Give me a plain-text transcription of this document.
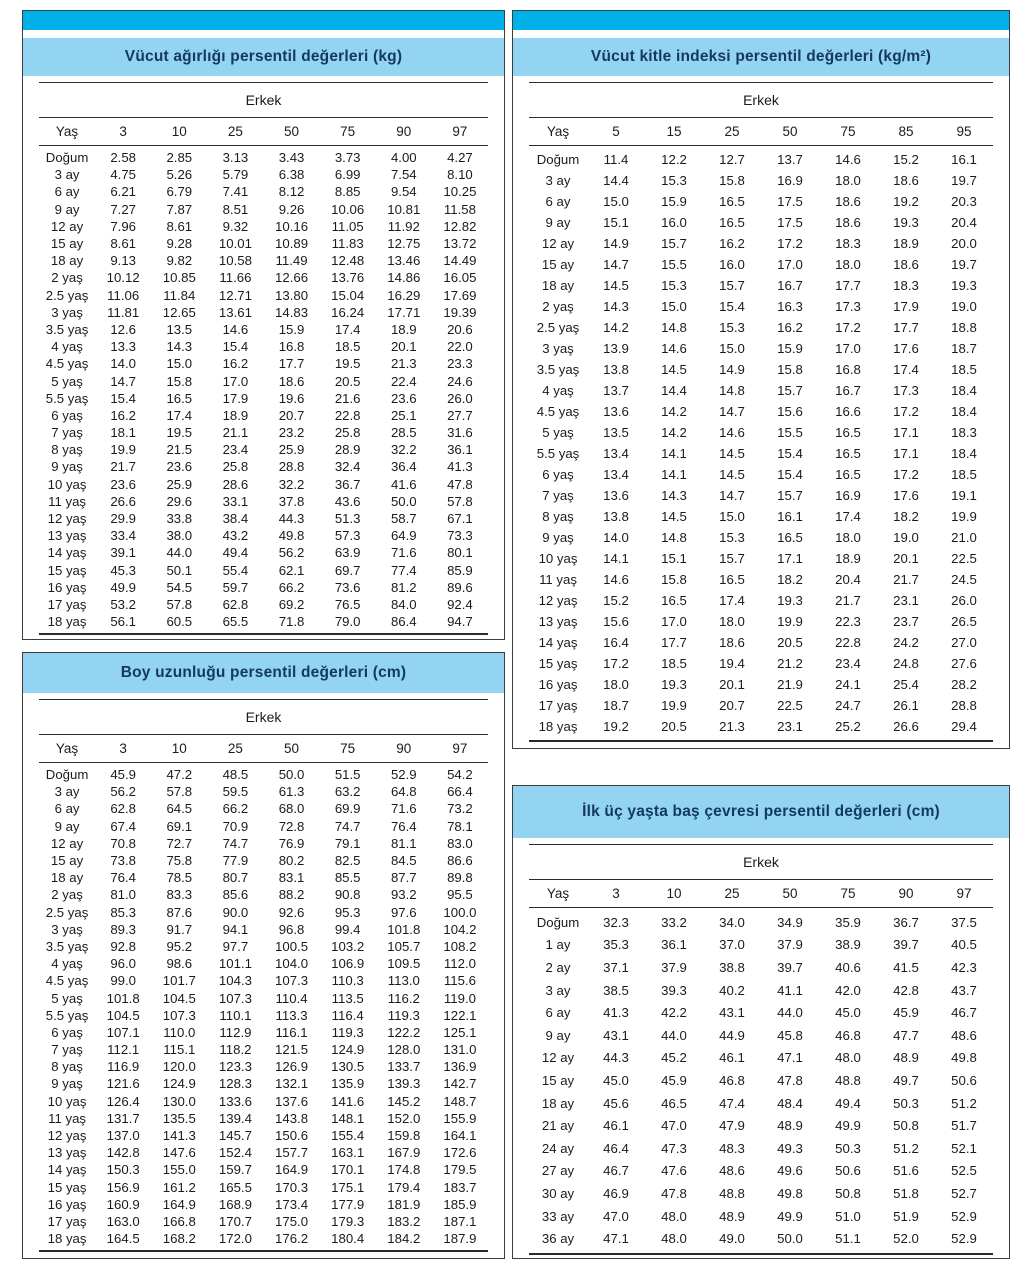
Vücut ağırlığı persentil değerleri (kg)
Erkek							
Yaş	3	10	25	50	75	90	97
Doğum	2.58	2.85	3.13	3.43	3.73	4.00	4.27
3 ay	4.75	5.26	5.79	6.38	6.99	7.54	8.10
6 ay	6.21	6.79	7.41	8.12	8.85	9.54	10.25
9 ay	7.27	7.87	8.51	9.26	10.06	10.81	11.58
12 ay	7.96	8.61	9.32	10.16	11.05	11.92	12.82
15 ay	8.61	9.28	10.01	10.89	11.83	12.75	13.72
18 ay	9.13	9.82	10.58	11.49	12.48	13.46	14.49
2 yaş	10.12	10.85	11.66	12.66	13.76	14.86	16.05
2.5 yaş	11.06	11.84	12.71	13.80	15.04	16.29	17.69
3 yaş	11.81	12.65	13.61	14.83	16.24	17.71	19.39
3.5 yaş	12.6	13.5	14.6	15.9	17.4	18.9	20.6
4 yaş	13.3	14.3	15.4	16.8	18.5	20.1	22.0
4.5 yaş	14.0	15.0	16.2	17.7	19.5	21.3	23.3
5 yaş	14.7	15.8	17.0	18.6	20.5	22.4	24.6
5.5 yaş	15.4	16.5	17.9	19.6	21.6	23.6	26.0
6 yaş	16.2	17.4	18.9	20.7	22.8	25.1	27.7
7 yaş	18.1	19.5	21.1	23.2	25.8	28.5	31.6
8 yaş	19.9	21.5	23.4	25.9	28.9	32.2	36.1
9 yaş	21.7	23.6	25.8	28.8	32.4	36.4	41.3
10 yaş	23.6	25.9	28.6	32.2	36.7	41.6	47.8
11 yaş	26.6	29.6	33.1	37.8	43.6	50.0	57.8
12 yaş	29.9	33.8	38.4	44.3	51.3	58.7	67.1
13 yaş	33.4	38.0	43.2	49.8	57.3	64.9	73.3
14 yaş	39.1	44.0	49.4	56.2	63.9	71.6	80.1
15 yaş	45.3	50.1	55.4	62.1	69.7	77.4	85.9
16 yaş	49.9	54.5	59.7	66.2	73.6	81.2	89.6
17 yaş	53.2	57.8	62.8	69.2	76.5	84.0	92.4
18 yaş	56.1	60.5	65.5	71.8	79.0	86.4	94.7
Vücut kitle indeksi persentil değerleri (kg/m²)
Erkek							
Yaş	5	15	25	50	75	85	95
Doğum	11.4	12.2	12.7	13.7	14.6	15.2	16.1
3 ay	14.4	15.3	15.8	16.9	18.0	18.6	19.7
6 ay	15.0	15.9	16.5	17.5	18.6	19.2	20.3
9 ay	15.1	16.0	16.5	17.5	18.6	19.3	20.4
12 ay	14.9	15.7	16.2	17.2	18.3	18.9	20.0
15 ay	14.7	15.5	16.0	17.0	18.0	18.6	19.7
18 ay	14.5	15.3	15.7	16.7	17.7	18.3	19.3
2 yaş	14.3	15.0	15.4	16.3	17.3	17.9	19.0
2.5 yaş	14.2	14.8	15.3	16.2	17.2	17.7	18.8
3 yaş	13.9	14.6	15.0	15.9	17.0	17.6	18.7
3.5 yaş	13.8	14.5	14.9	15.8	16.8	17.4	18.5
4 yaş	13.7	14.4	14.8	15.7	16.7	17.3	18.4
4.5 yaş	13.6	14.2	14.7	15.6	16.6	17.2	18.4
5 yaş	13.5	14.2	14.6	15.5	16.5	17.1	18.3
5.5 yaş	13.4	14.1	14.5	15.4	16.5	17.1	18.4
6 yaş	13.4	14.1	14.5	15.4	16.5	17.2	18.5
7 yaş	13.6	14.3	14.7	15.7	16.9	17.6	19.1
8 yaş	13.8	14.5	15.0	16.1	17.4	18.2	19.9
9 yaş	14.0	14.8	15.3	16.5	18.0	19.0	21.0
10 yaş	14.1	15.1	15.7	17.1	18.9	20.1	22.5
11 yaş	14.6	15.8	16.5	18.2	20.4	21.7	24.5
12 yaş	15.2	16.5	17.4	19.3	21.7	23.1	26.0
13 yaş	15.6	17.0	18.0	19.9	22.3	23.7	26.5
14 yaş	16.4	17.7	18.6	20.5	22.8	24.2	27.0
15 yaş	17.2	18.5	19.4	21.2	23.4	24.8	27.6
16 yaş	18.0	19.3	20.1	21.9	24.1	25.4	28.2
17 yaş	18.7	19.9	20.7	22.5	24.7	26.1	28.8
18 yaş	19.2	20.5	21.3	23.1	25.2	26.6	29.4
Boy uzunluğu persentil değerleri (cm)
Erkek							
Yaş	3	10	25	50	75	90	97
Doğum	45.9	47.2	48.5	50.0	51.5	52.9	54.2
3 ay	56.2	57.8	59.5	61.3	63.2	64.8	66.4
6 ay	62.8	64.5	66.2	68.0	69.9	71.6	73.2
9 ay	67.4	69.1	70.9	72.8	74.7	76.4	78.1
12 ay	70.8	72.7	74.7	76.9	79.1	81.1	83.0
15 ay	73.8	75.8	77.9	80.2	82.5	84.5	86.6
18 ay	76.4	78.5	80.7	83.1	85.5	87.7	89.8
2 yaş	81.0	83.3	85.6	88.2	90.8	93.2	95.5
2.5 yaş	85.3	87.6	90.0	92.6	95.3	97.6	100.0
3 yaş	89.3	91.7	94.1	96.8	99.4	101.8	104.2
3.5 yaş	92.8	95.2	97.7	100.5	103.2	105.7	108.2
4 yaş	96.0	98.6	101.1	104.0	106.9	109.5	112.0
4.5 yaş	99.0	101.7	104.3	107.3	110.3	113.0	115.6
5 yaş	101.8	104.5	107.3	110.4	113.5	116.2	119.0
5.5 yaş	104.5	107.3	110.1	113.3	116.4	119.3	122.1
6 yaş	107.1	110.0	112.9	116.1	119.3	122.2	125.1
7 yaş	112.1	115.1	118.2	121.5	124.9	128.0	131.0
8 yaş	116.9	120.0	123.3	126.9	130.5	133.7	136.9
9 yaş	121.6	124.9	128.3	132.1	135.9	139.3	142.7
10 yaş	126.4	130.0	133.6	137.6	141.6	145.2	148.7
11 yaş	131.7	135.5	139.4	143.8	148.1	152.0	155.9
12 yaş	137.0	141.3	145.7	150.6	155.4	159.8	164.1
13 yaş	142.8	147.6	152.4	157.7	163.1	167.9	172.6
14 yaş	150.3	155.0	159.7	164.9	170.1	174.8	179.5
15 yaş	156.9	161.2	165.5	170.3	175.1	179.4	183.7
16 yaş	160.9	164.9	168.9	173.4	177.9	181.9	185.9
17 yaş	163.0	166.8	170.7	175.0	179.3	183.2	187.1
18 yaş	164.5	168.2	172.0	176.2	180.4	184.2	187.9
İlk üç yaşta baş çevresi persentil değerleri (cm)
Erkek							
Yaş	3	10	25	50	75	90	97
Doğum	32.3	33.2	34.0	34.9	35.9	36.7	37.5
1 ay	35.3	36.1	37.0	37.9	38.9	39.7	40.5
2 ay	37.1	37.9	38.8	39.7	40.6	41.5	42.3
3 ay	38.5	39.3	40.2	41.1	42.0	42.8	43.7
6 ay	41.3	42.2	43.1	44.0	45.0	45.9	46.7
9 ay	43.1	44.0	44.9	45.8	46.8	47.7	48.6
12 ay	44.3	45.2	46.1	47.1	48.0	48.9	49.8
15 ay	45.0	45.9	46.8	47.8	48.8	49.7	50.6
18 ay	45.6	46.5	47.4	48.4	49.4	50.3	51.2
21 ay	46.1	47.0	47.9	48.9	49.9	50.8	51.7
24 ay	46.4	47.3	48.3	49.3	50.3	51.2	52.1
27 ay	46.7	47.6	48.6	49.6	50.6	51.6	52.5
30 ay	46.9	47.8	48.8	49.8	50.8	51.8	52.7
33 ay	47.0	48.0	48.9	49.9	51.0	51.9	52.9
36 ay	47.1	48.0	49.0	50.0	51.1	52.0	52.9
